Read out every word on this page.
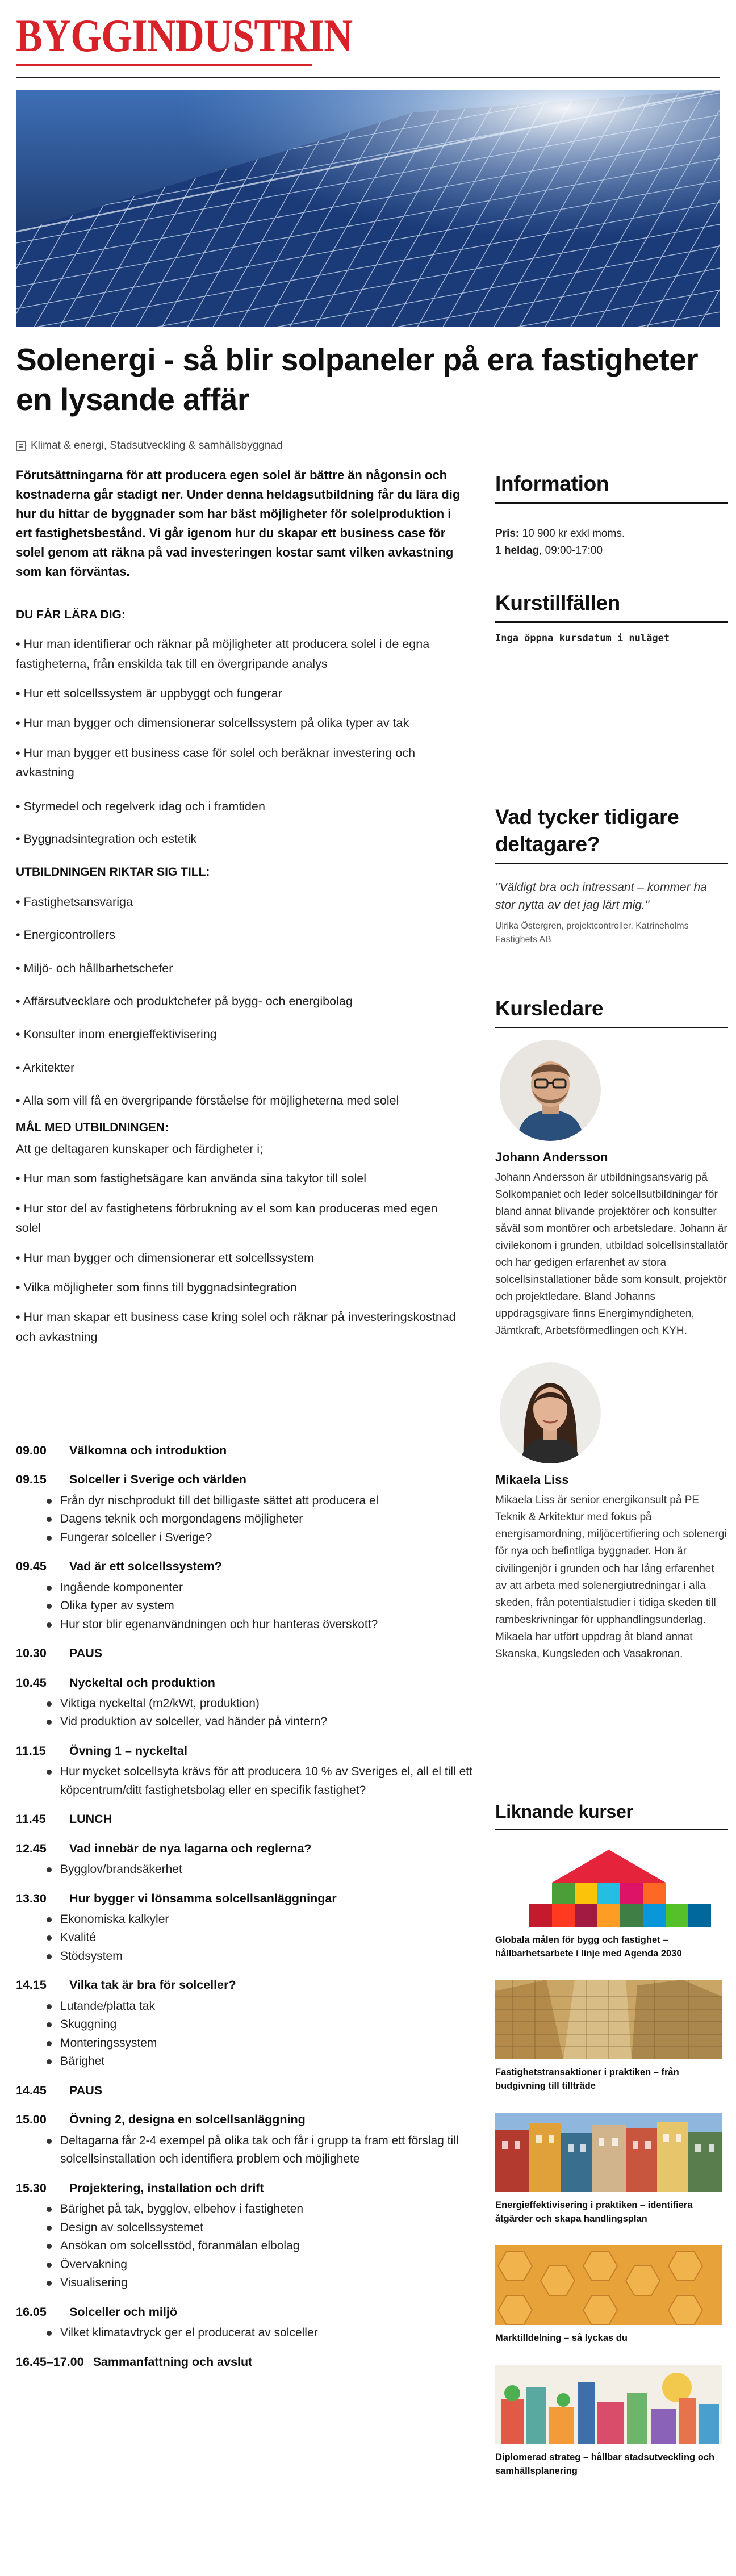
BYGGINDUSTRIN
Solenergi - så blir solpaneler på era fastigheter en lysande affär
Klimat & energi, Stadsutveckling & samhällsbyggnad

Förutsättningarna för att producera egen solel är bättre än någonsin och kostnaderna går stadigt ner. Under denna heldagsutbildning får du lära dig hur du hittar de byggnader som har bäst möjligheter för solelproduktion i ert fastighetsbestånd. Vi går igenom hur du skapar ett business case för solel genom att räkna på vad investeringen kostar samt vilken avkastning som kan förväntas.

DU FÅR LÄRA DIG:

• Hur man identifierar och räknar på möjligheter att producera solel i de egna fastigheterna, från enskilda tak till en övergripande analys

• Hur ett solcellssystem är uppbyggt och fungerar

• Hur man bygger och dimensionerar solcellssystem på olika typer av tak

• Hur man bygger ett business case för solel och beräknar investering och avkastning

• Styrmedel och regelverk idag och i framtiden

• Byggnadsintegration och estetik

UTBILDNINGEN RIKTAR SIG TILL:

• Fastighetsansvariga

• Energicontrollers

• Miljö- och hållbarhetschefer

• Affärsutvecklare och produktchefer på bygg- och energibolag

• Konsulter inom energieffektivisering

• Arkitekter

• Alla som vill få en övergripande förståelse för möjligheterna med solel

MÅL MED UTBILDNINGEN:

Att ge deltagaren kunskaper och färdigheter i;

• Hur man som fastighetsägare kan använda sina takytor till solel

• Hur stor del av fastighetens förbrukning av el som kan produceras med egen solel

• Hur man bygger och dimensionerar ett solcellssystem

• Vilka möjligheter som finns till byggnadsintegration

• Hur man skapar ett business case kring solel och räknar på investeringskostnad och avkastning

09.00	Välkomna och introduktion
09.15	Solceller i Sverige och världen
Från dyr nischprodukt till det billigaste sättet att producera el
Dagens teknik och morgondagens möjligheter
Fungerar solceller i Sverige?
09.45	Vad är ett solcellssystem?
Ingående komponenter
Olika typer av system
Hur stor blir egenanvändningen och hur hanteras överskott?
10.30	PAUS
10.45	Nyckeltal och produktion
Viktiga nyckeltal (m2/kWt, produktion)
Vid produktion av solceller, vad händer på vintern?
11.15	Övning 1 – nyckeltal
Hur mycket solcellsyta krävs för att producera 10 % av Sveriges el, all el till ett köpcentrum/ditt fastighetsbolag eller en specifik fastighet?
11.45	LUNCH
12.45	Vad innebär de nya lagarna och reglerna?
Bygglov/brandsäkerhet
13.30	Hur bygger vi lönsamma solcellsanläggningar
Ekonomiska kalkyler
Kvalité
Stödsystem
14.15	Vilka tak är bra för solceller?
Lutande/platta tak
Skuggning
Monteringssystem
Bärighet
14.45	PAUS
15.00	Övning 2, designa en solcellsanläggning
Deltagarna får 2-4 exempel på olika tak och får i grupp ta fram ett förslag till solcellsinstallation och identifiera problem och möjlighete
15.30	Projektering, installation och drift
Bärighet på tak, bygglov, elbehov i fastigheten
Design av solcellssystemet
Ansökan om solcellsstöd, föranmälan elbolag
Övervakning
Visualisering
16.05	Solceller och miljö
Vilket klimatavtryck ger el producerat av solceller
16.45–17.00 Sammanfattning och avslut
Information

Pris: 10 900 kr exkl moms.

1 heldag, 09:00-17:00

Kurstillfällen

Inga öppna kursdatum i nuläget

Vad tycker tidigare deltagare?

"Väldigt bra och intressant – kommer ha stor nytta av det jag lärt mig."

Ulrika Östergren, projektcontroller, Katrineholms Fastighets AB

Kursledare

Johann Andersson

Johann Andersson är utbildningsansvarig på Solkompaniet och leder solcellsutbildningar för bland annat blivande projektörer och konsulter såväl som montörer och arbetsledare. Johann är civilekonom i grunden, utbildad solcellsinstallatör och har gedigen erfarenhet av stora solcellsinstallationer både som konsult, projektör och projektledare. Bland Johanns uppdragsgivare finns Energimyndigheten, Jämtkraft, Arbetsförmedlingen och KYH.

Mikaela Liss

Mikaela Liss är senior energikonsult på PE Teknik & Arkitektur med fokus på energisamordning, miljöcertifiering och solenergi för nya och befintliga byggnader. Hon är civilingenjör i grunden och har lång erfarenhet av att arbeta med solenergiutredningar i alla skeden, från potentialstudier i tidiga skeden till rambeskrivningar för upphandlingsunderlag. Mikaela har utfört uppdrag åt bland annat Skanska, Kungsleden och Vasakronan.

Liknande kurser

Globala målen för bygg och fastighet – hållbarhetsarbete i linje med Agenda 2030

Fastighetstransaktioner i praktiken – från budgivning till tillträde

Energieffektivisering i praktiken – identifiera åtgärder och skapa handlingsplan

Marktilldelning – så lyckas du

Diplomerad strateg – hållbar stadsutveckling och samhällsplanering
